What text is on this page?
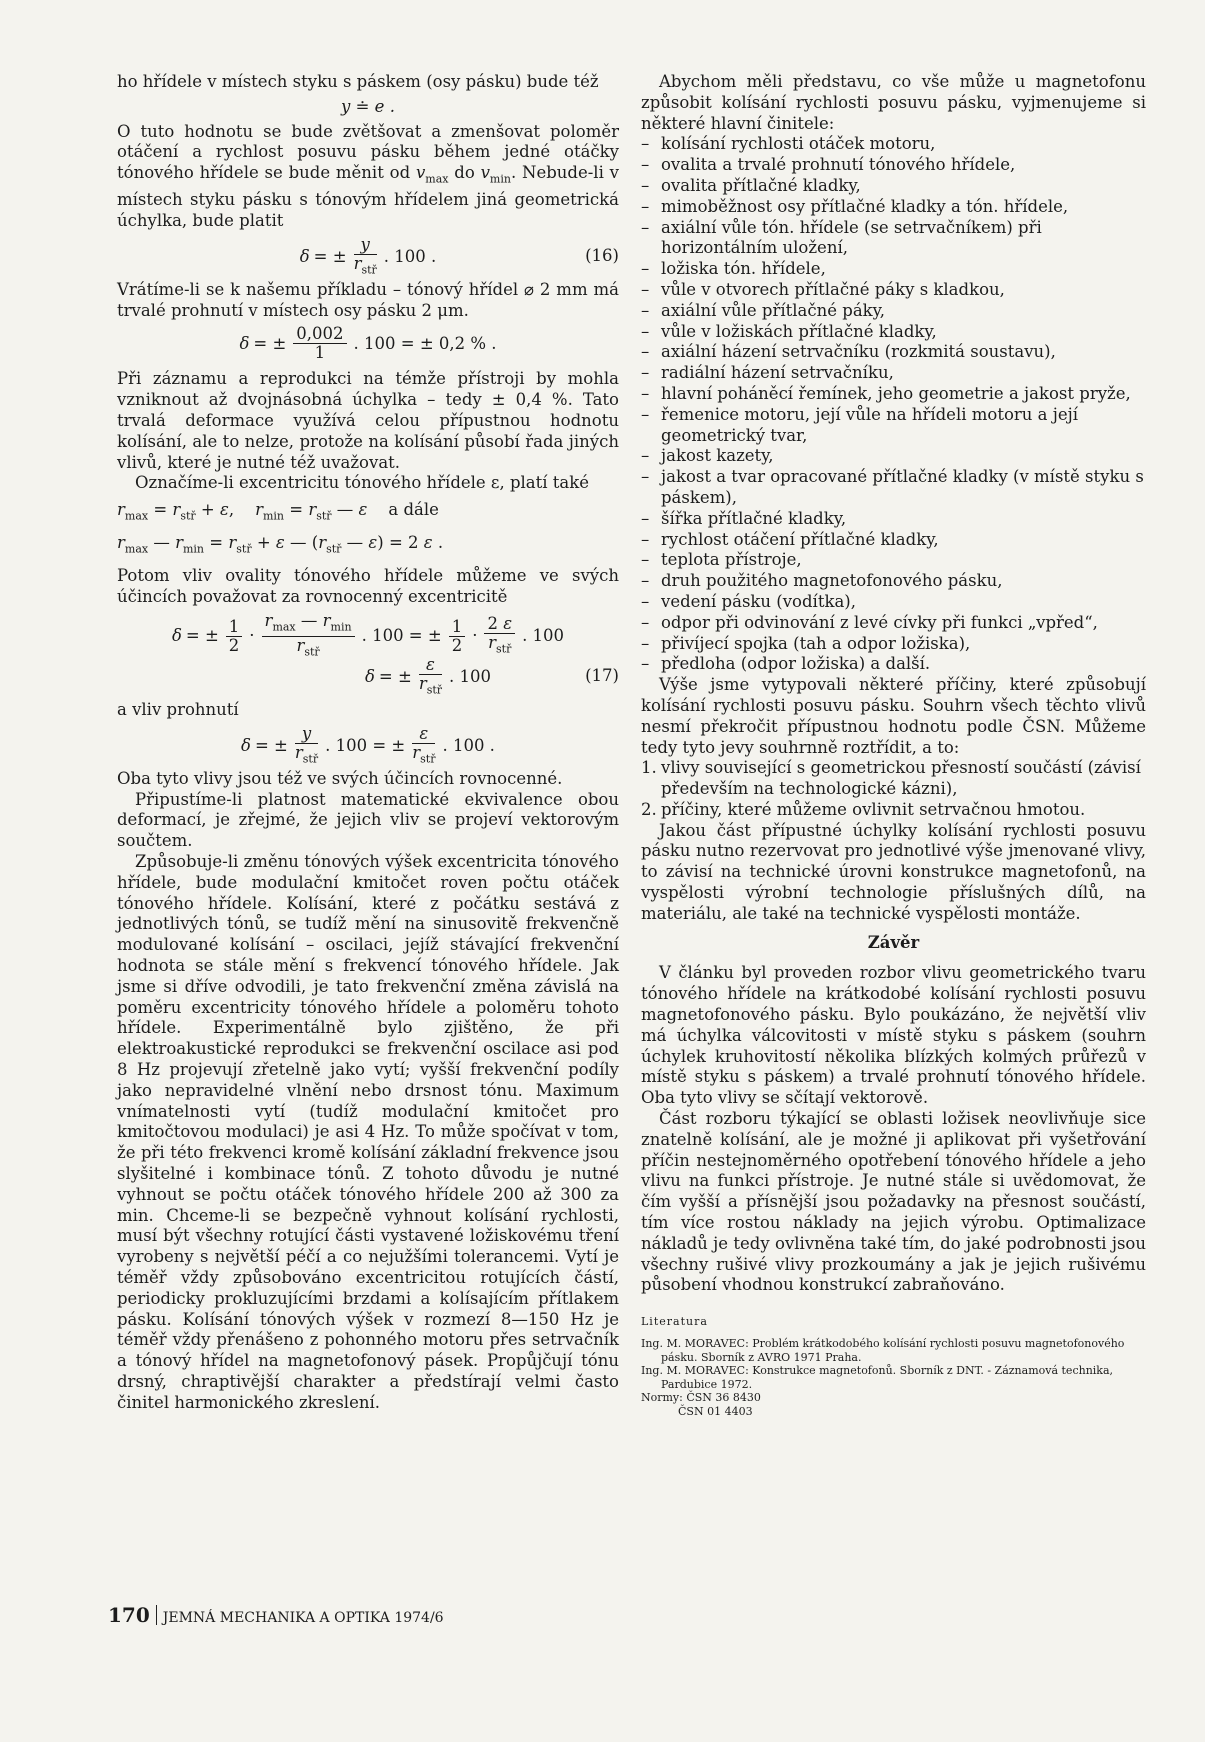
ho hřídele v místech styku s páskem (osy pásku) bude též

y ≐ e .

O tuto hodnotu se bude zvětšovat a zmenšovat poloměr otáčení a rychlost posuvu pásku během jedné otáčky tónového hřídele se bude měnit od $v_{max}$ do $v_{min}$. Nebude-li v místech styku pásku s tónovým hřídelem jiná geometrická úchylka, bude platit

δ = ± $\frac{y}{r_{stř}}$ . 100 .	(16)

Vrátíme-li se k našemu příkladu – tónový hřídel ⌀ 2 mm má trvalé prohnutí v místech osy pásku 2 μm.

δ = ± $\frac{0,002}{1}$ . 100 = ± 0,2 % .

Při záznamu a reprodukci na témže přístroji by mohla vzniknout až dvojnásobná úchylka – tedy ± 0,4 %. Tato trvalá deformace využívá celou přípustnou hodnotu kolísání, ale to nelze, protože na kolísání působí řada jiných vlivů, které je nutné též uvažovat.

Označíme-li excentricitu tónového hřídele ε, platí také

$r_{max} = r_{stř} + \varepsilon$,    $r_{min} = r_{stř}$ — ε a dále
$r_{max}$ — $r_{min} = r_{stř} + \varepsilon$ — ($r_{stř}$ — ε) = 2 ε .

Potom vliv ovality tónového hřídele můžeme ve svých účincích považovat za rovnocenný excentricitě

δ = ± $\frac{1}{2} \cdot \frac{r_{max} — r_{min}}{r_{stř}}$ . 100 = ± $\frac{1}{2} \cdot \frac{2 \varepsilon}{r_{stř}}$ . 100
δ = ± $\frac{\varepsilon}{r_{stř}}$ . 100	(17)

a vliv prohnutí

δ = ± $\frac{y}{r_{stř}}$ . 100 = ± $\frac{\varepsilon}{r_{stř}}$ . 100 .

Oba tyto vlivy jsou též ve svých účincích rovnocenné.

Připustíme-li platnost matematické ekvivalence obou deformací, je zřejmé, že jejich vliv se projeví vektorovým součtem.

Způsobuje-li změnu tónových výšek excentricita tónového hřídele, bude modulační kmitočet roven počtu otáček tónového hřídele. Kolísání, které z počátku sestává z jednotlivých tónů, se tudíž mění na sinusovitě frekvenčně modulované kolísání – oscilaci, jejíž stávající frekvenční hodnota se stále mění s frekvencí tónového hřídele. Jak jsme si dříve odvodili, je tato frekvenční změna závislá na poměru excentricity tónového hřídele a poloměru tohoto hřídele. Experimentálně bylo zjištěno, že při elektroakustické reprodukci se frekvenční oscilace asi pod 8 Hz projevují zřetelně jako vytí; vyšší frekvenční podíly jako nepravidelné vlnění nebo drsnost tónu. Maximum vnímatelnosti vytí (tudíž modulační kmitočet pro kmitočtovou modulaci) je asi 4 Hz. To může spočívat v tom, že při této frekvenci kromě kolísání základní frekvence jsou slyšitelné i kombinace tónů. Z tohoto důvodu je nutné vyhnout se počtu otáček tónového hřídele 200 až 300 za min. Chceme-li se bezpečně vyhnout kolísání rychlosti, musí být všechny rotující části vystavené ložiskovému tření vyrobeny s největší péčí a co nejužšími tolerancemi. Vytí je téměř vždy způsobováno excentricitou rotujících částí, periodicky prokluzujícími brzdami a kolísajícím přítlakem pásku. Kolísání tónových výšek v rozmezí 8—150 Hz je téměř vždy přenášeno z pohonného motoru přes setrvačník a tónový hřídel na magnetofonový pásek. Propůjčují tónu drsný, chraptivější charakter a předstírají velmi často činitel harmonického zkreslení.

Abychom měli představu, co vše může u magnetofonu způsobit kolísání rychlosti posuvu pásku, vyjmenujeme si některé hlavní činitele:

– kolísání rychlosti otáček motoru,
– ovalita a trvalé prohnutí tónového hřídele,
– ovalita přítlačné kladky,
– mimoběžnost osy přítlačné kladky a tón. hřídele,
– axiální vůle tón. hřídele (se setrvačníkem) při horizontálním uložení,
– ložiska tón. hřídele,
– vůle v otvorech přítlačné páky s kladkou,
– axiální vůle přítlačné páky,
– vůle v ložiskách přítlačné kladky,
– axiální házení setrvačníku (rozkmitá soustavu),
– radiální házení setrvačníku,
– hlavní poháněcí řemínek, jeho geometrie a jakost pryže,
– řemenice motoru, její vůle na hřídeli motoru a její geometrický tvar,
– jakost kazety,
– jakost a tvar opracované přítlačné kladky (v místě styku s páskem),
– šířka přítlačné kladky,
– rychlost otáčení přítlačné kladky,
– teplota přístroje,
– druh použitého magnetofonového pásku,
– vedení pásku (vodítka),
– odpor při odvinování z levé cívky při funkci „vpřed“,
– přivíjecí spojka (tah a odpor ložiska),
– předloha (odpor ložiska) a další.

Výše jsme vytypovali některé příčiny, které způsobují kolísání rychlosti posuvu pásku. Souhrn všech těchto vlivů nesmí překročit přípustnou hodnotu podle ČSN. Můžeme tedy tyto jevy souhrnně roztřídit, a to:

1. vlivy související s geometrickou přesností součástí (závisí především na technologické kázni),
2. příčiny, které můžeme ovlivnit setrvačnou hmotou.

Jakou část přípustné úchylky kolísání rychlosti posuvu pásku nutno rezervovat pro jednotlivé výše jmenované vlivy, to závisí na technické úrovni konstrukce magnetofonů, na vyspělosti výrobní technologie příslušných dílů, na materiálu, ale také na technické vyspělosti montáže.

Závěr

V článku byl proveden rozbor vlivu geometrického tvaru tónového hřídele na krátkodobé kolísání rychlosti posuvu magnetofonového pásku. Bylo poukázáno, že největší vliv má úchylka válcovitosti v místě styku s páskem (souhrn úchylek kruhovitostí několika blízkých kolmých průřezů v místě styku s páskem) a trvalé prohnutí tónového hřídele. Oba tyto vlivy se sčítají vektorově.

Část rozboru týkající se oblasti ložisek neovlivňuje sice znatelně kolísání, ale je možné ji aplikovat při vyšetřování příčin nestejnoměrného opotřebení tónového hřídele a jeho vlivu na funkci přístroje. Je nutné stále si uvědomovat, že čím vyšší a přísnější jsou požadavky na přesnost součástí, tím více rostou náklady na jejich výrobu. Optimalizace nákladů je tedy ovlivněna také tím, do jaké podrobnosti jsou všechny rušivé vlivy prozkoumány a jak je jejich rušivému působení vhodnou konstrukcí zabraňováno.

Literatura

Ing. M. MORAVEC: Problém krátkodobého kolísání rychlosti posuvu magnetofonového pásku. Sborník z AVRO 1971 Praha.

Ing. M. MORAVEC: Konstrukce magnetofonů. Sborník z DNT. - Záznamová technika, Pardubice 1972.

Normy: ČSN 36 8430

ČSN 01 4403

170 JEMNÁ MECHANIKA A OPTIKA 1974/6
